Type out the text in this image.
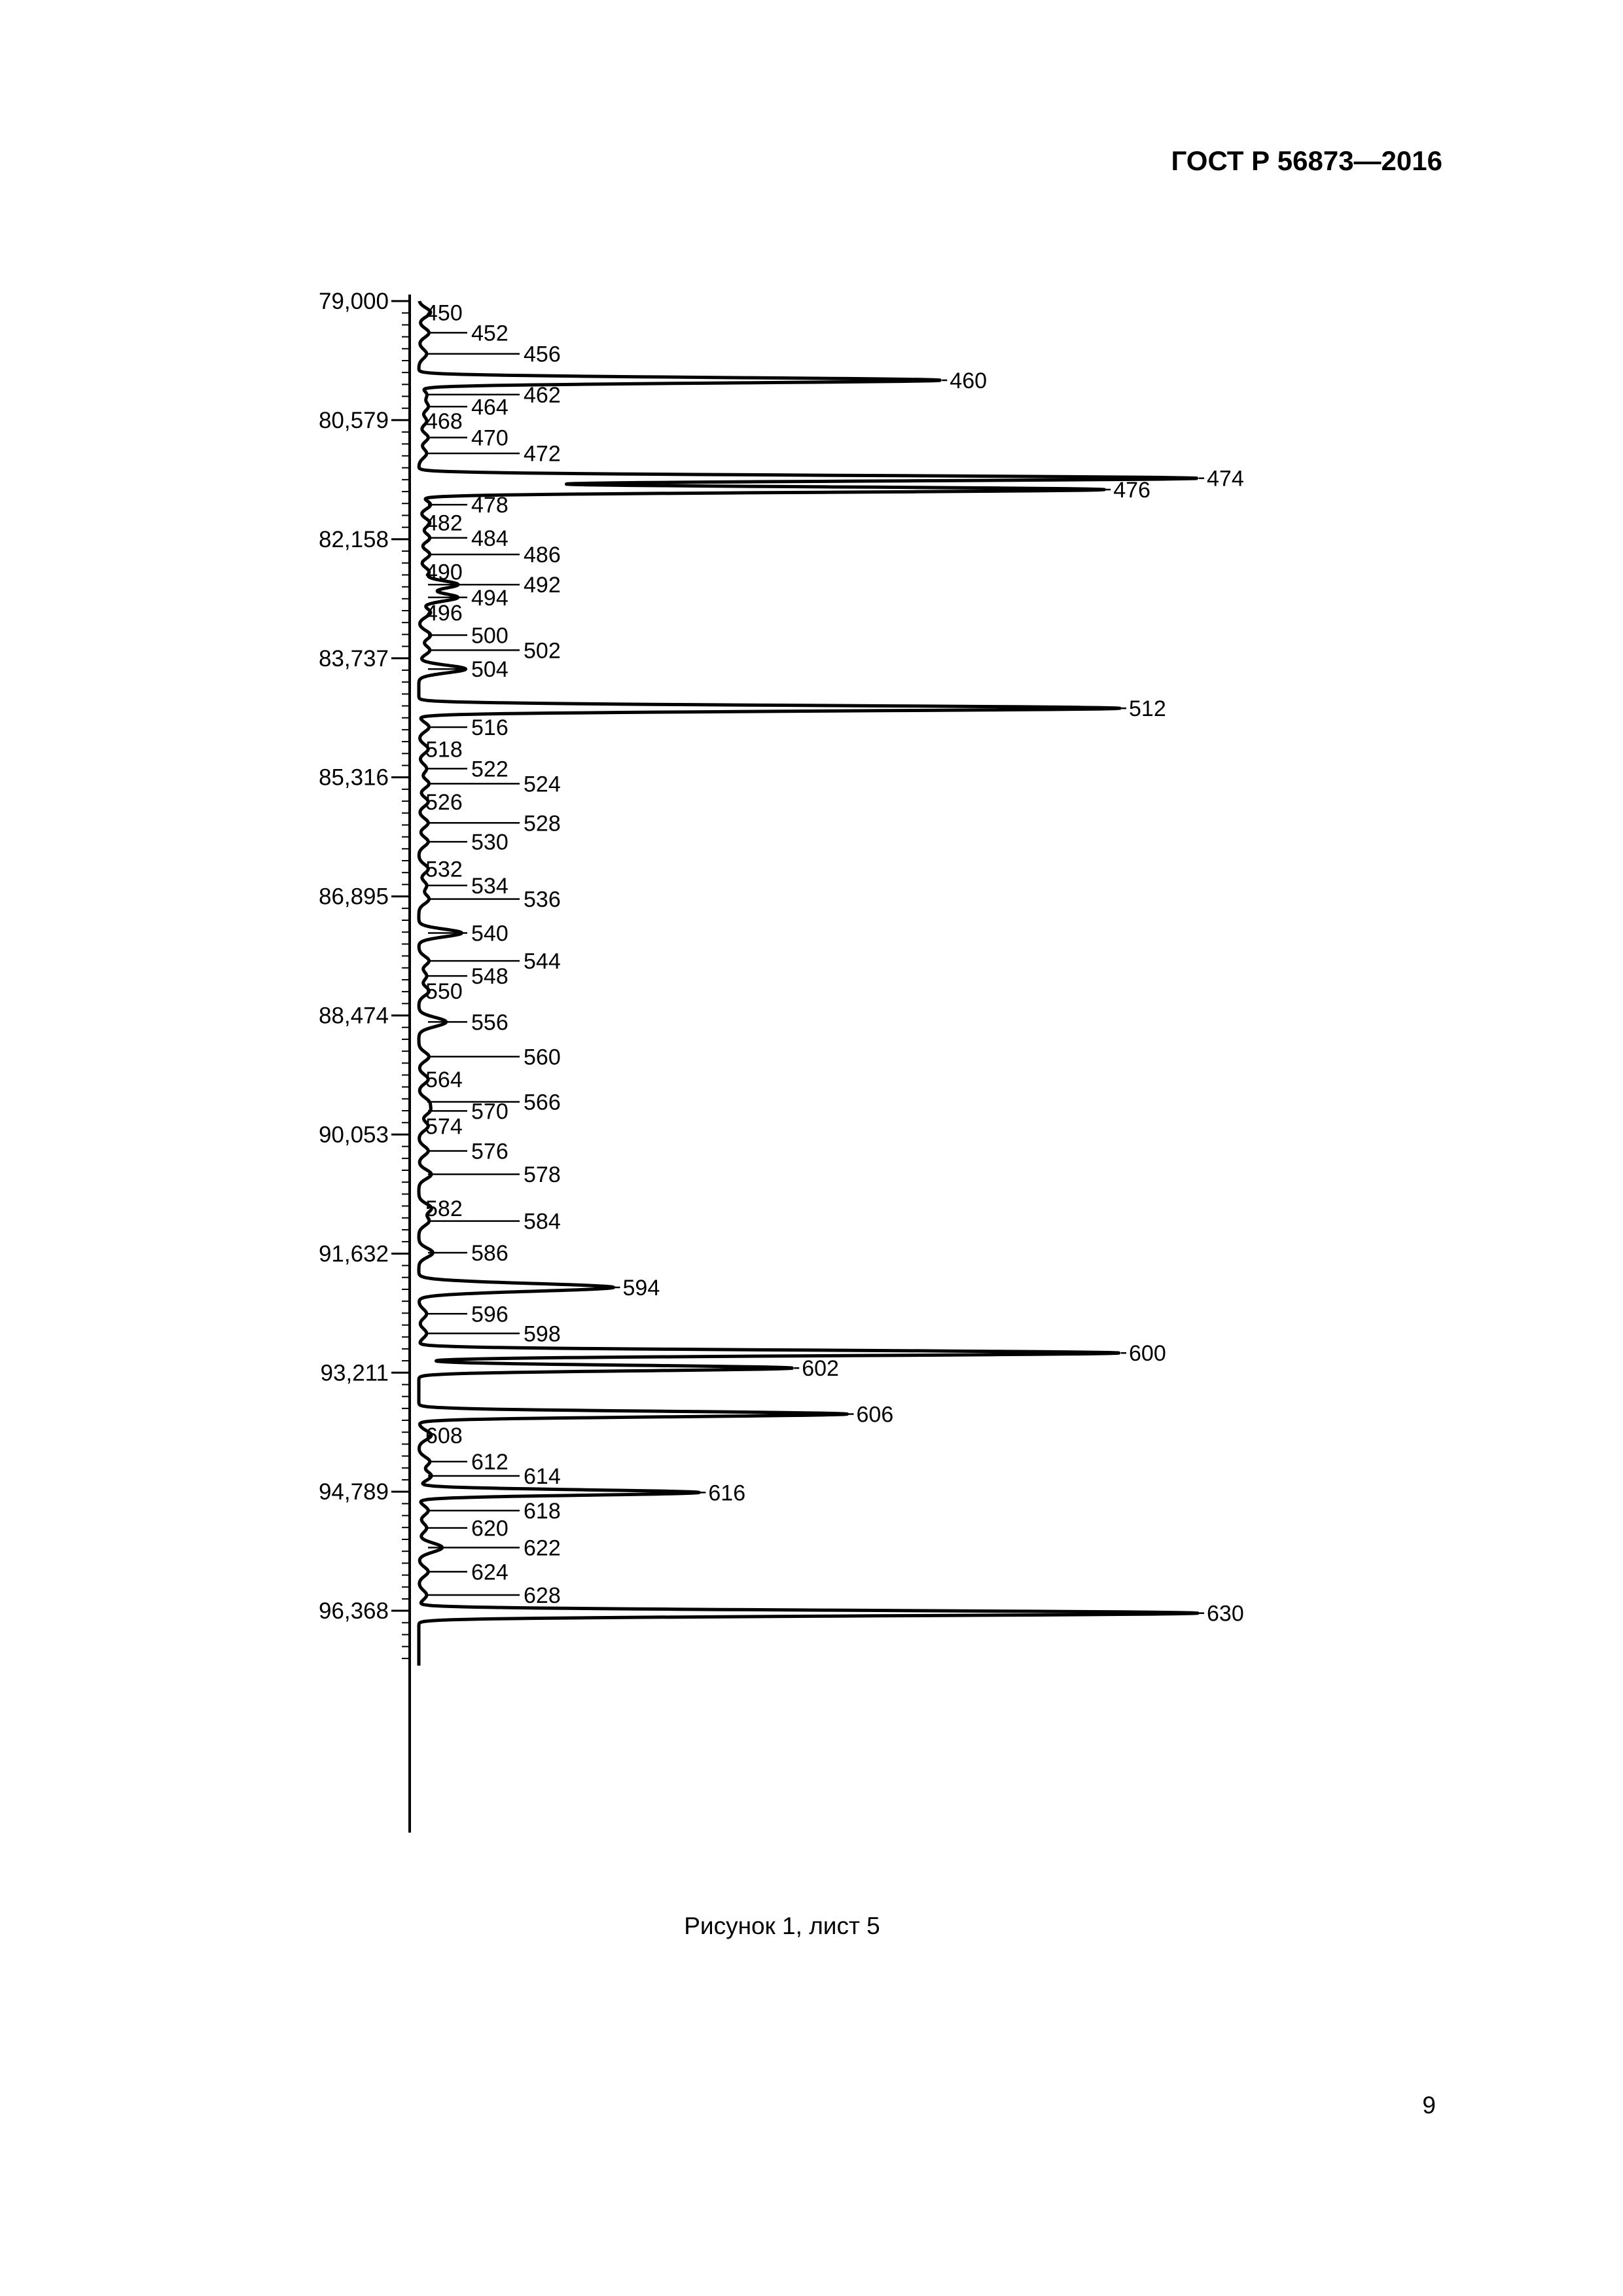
ГОСТ Р 56873—2016
79,000
80,579
82,158
83,737
85,316
86,895
88,474
90,053
91,632
93,211
94,789
96,368
450
452
456
460
462
464
468
470
472
474
476
478
482
484
486
490
492
494
496
500
502
504
512
516
518
522
524
526
528
530
532
534
536
540
544
548
550
556
560
564
566
570
574
576
578
582
584
586
594
596
598
600
602
606
608
612
614
616
618
620
622
624
628
630
Рисунок 1, лист 5
9
